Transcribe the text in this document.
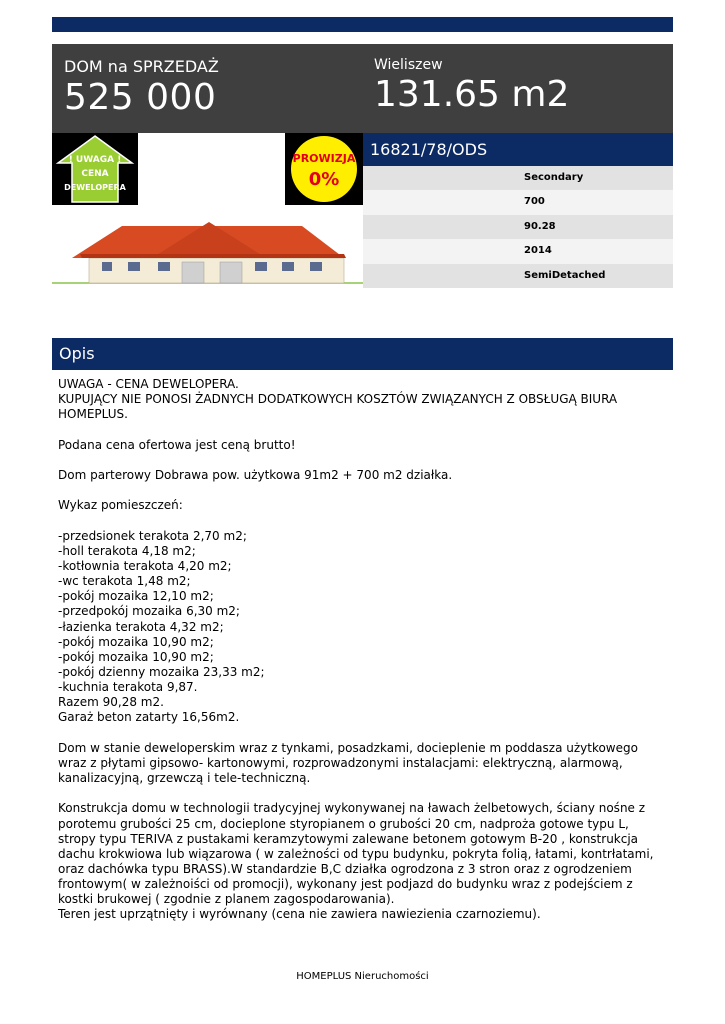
DOM na SPRZEDAŻ
525 000
Wieliszew
131.65 m2
! UWAGA !
CENA
DEWELOPERA
PROWIZJA
0%
16821/78/ODS
Secondary
700
90.28
2014
SemiDetached
Opis

UWAGA - CENA DEWELOPERA.
KUPUJĄCY NIE PONOSI ŻADNYCH DODATKOWYCH KOSZTÓW ZWIĄZANYCH Z OBSŁUGĄ BIURA HOMEPLUS.

Podana cena ofertowa jest ceną brutto!

Dom parterowy Dobrawa pow. użytkowa 91m2 + 700 m2 działka.

Wykaz pomieszczeń:

-przedsionek terakota 2,70 m2;
-holl terakota 4,18 m2;
-kotłownia terakota 4,20 m2;
-wc terakota 1,48 m2;
-pokój mozaika 12,10 m2;
-przedpokój mozaika 6,30 m2;
-łazienka terakota 4,32 m2;
-pokój mozaika 10,90 m2;
-pokój mozaika 10,90 m2;
-pokój dzienny mozaika 23,33 m2;
-kuchnia terakota 9,87.
Razem 90,28 m2.
Garaż beton zatarty 16,56m2.

Dom w stanie deweloperskim wraz z tynkami, posadzkami, docieplenie m poddasza użytkowego wraz z płytami gipsowo- kartonowymi, rozprowadzonymi instalacjami: elektryczną, alarmową, kanalizacyjną, grzewczą i tele-techniczną.

Konstrukcja domu w technologii tradycyjnej wykonywanej na ławach żelbetowych, ściany nośne z porotemu grubości 25 cm, docieplone styropianem o grubości 20 cm, nadproża gotowe typu L, stropy typu TERIVA z pustakami keramzytowymi zalewane betonem gotowym B-20 , konstrukcja dachu krokwiowa lub wiązarowa ( w zależności od typu budynku, pokryta folią, łatami, kontrłatami, oraz dachówka typu BRASS).W standardzie B,C działka ogrodzona z 3 stron oraz z ogrodzeniem frontowym( w zależnoiści od promocji), wykonany jest podjazd do budynku wraz z podejściem z kostki brukowej ( zgodnie z planem zagospodarowania).
Teren jest uprzątnięty i wyrównany (cena nie zawiera nawiezienia czarnoziemu).

HOMEPLUS Nieruchomości
